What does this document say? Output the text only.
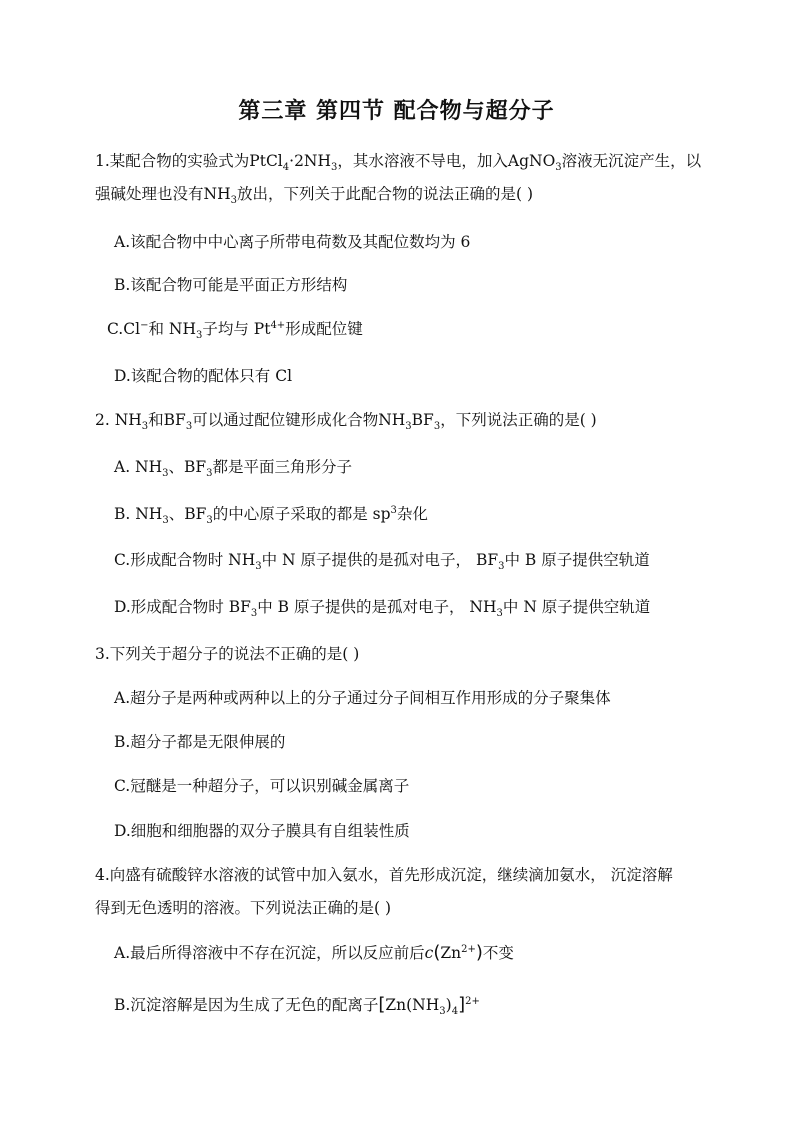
第三章 第四节 配合物与超分子
1.某配合物的实验式为$PtCl_4\cdot 2NH_3$，其水溶液不导电，加入AgNO$_3$溶液无沉淀产生，以
强碱处理也没有$NH_3$放出，下列关于此配合物的说法正确的是( )
A.该配合物中中心离子所带电荷数及其配位数均为 6
B.该配合物可能是平面正方形结构
C.Cl−和 $NH_3$子均与 $Pt^{4+}$形成配位键
D.该配合物的配体只有 Cl
2. $NH_3$和$BF_3$可以通过配位键形成化合物$NH_3BF_3$，下列说法正确的是( )
A. $NH_3$、$BF_3$都是平面三角形分子
B. $NH_3$、$BF_3$的中心原子采取的都是 $sp^3$杂化
C.形成配合物时 $NH_3$中 N 原子提供的是孤对电子， $BF_3$中 B 原子提供空轨道
D.形成配合物时 $BF_3$中 B 原子提供的是孤对电子， $NH_3$中 N 原子提供空轨道
3.下列关于超分子的说法不正确的是( )
A.超分子是两种或两种以上的分子通过分子间相互作用形成的分子聚集体
B.超分子都是无限伸展的
C.冠醚是一种超分子，可以识别碱金属离子
D.细胞和细胞器的双分子膜具有自组装性质
4.向盛有硫酸锌水溶液的试管中加入氨水，首先形成沉淀，继续滴加氨水， 沉淀溶解
得到无色透明的溶液。下列说法正确的是( )
A.最后所得溶液中不存在沉淀，所以反应前后$c(Zn^{2+})$不变
B.沉淀溶解是因为生成了无色的配离子$[Zn(NH_3)_4]^{2+}$
